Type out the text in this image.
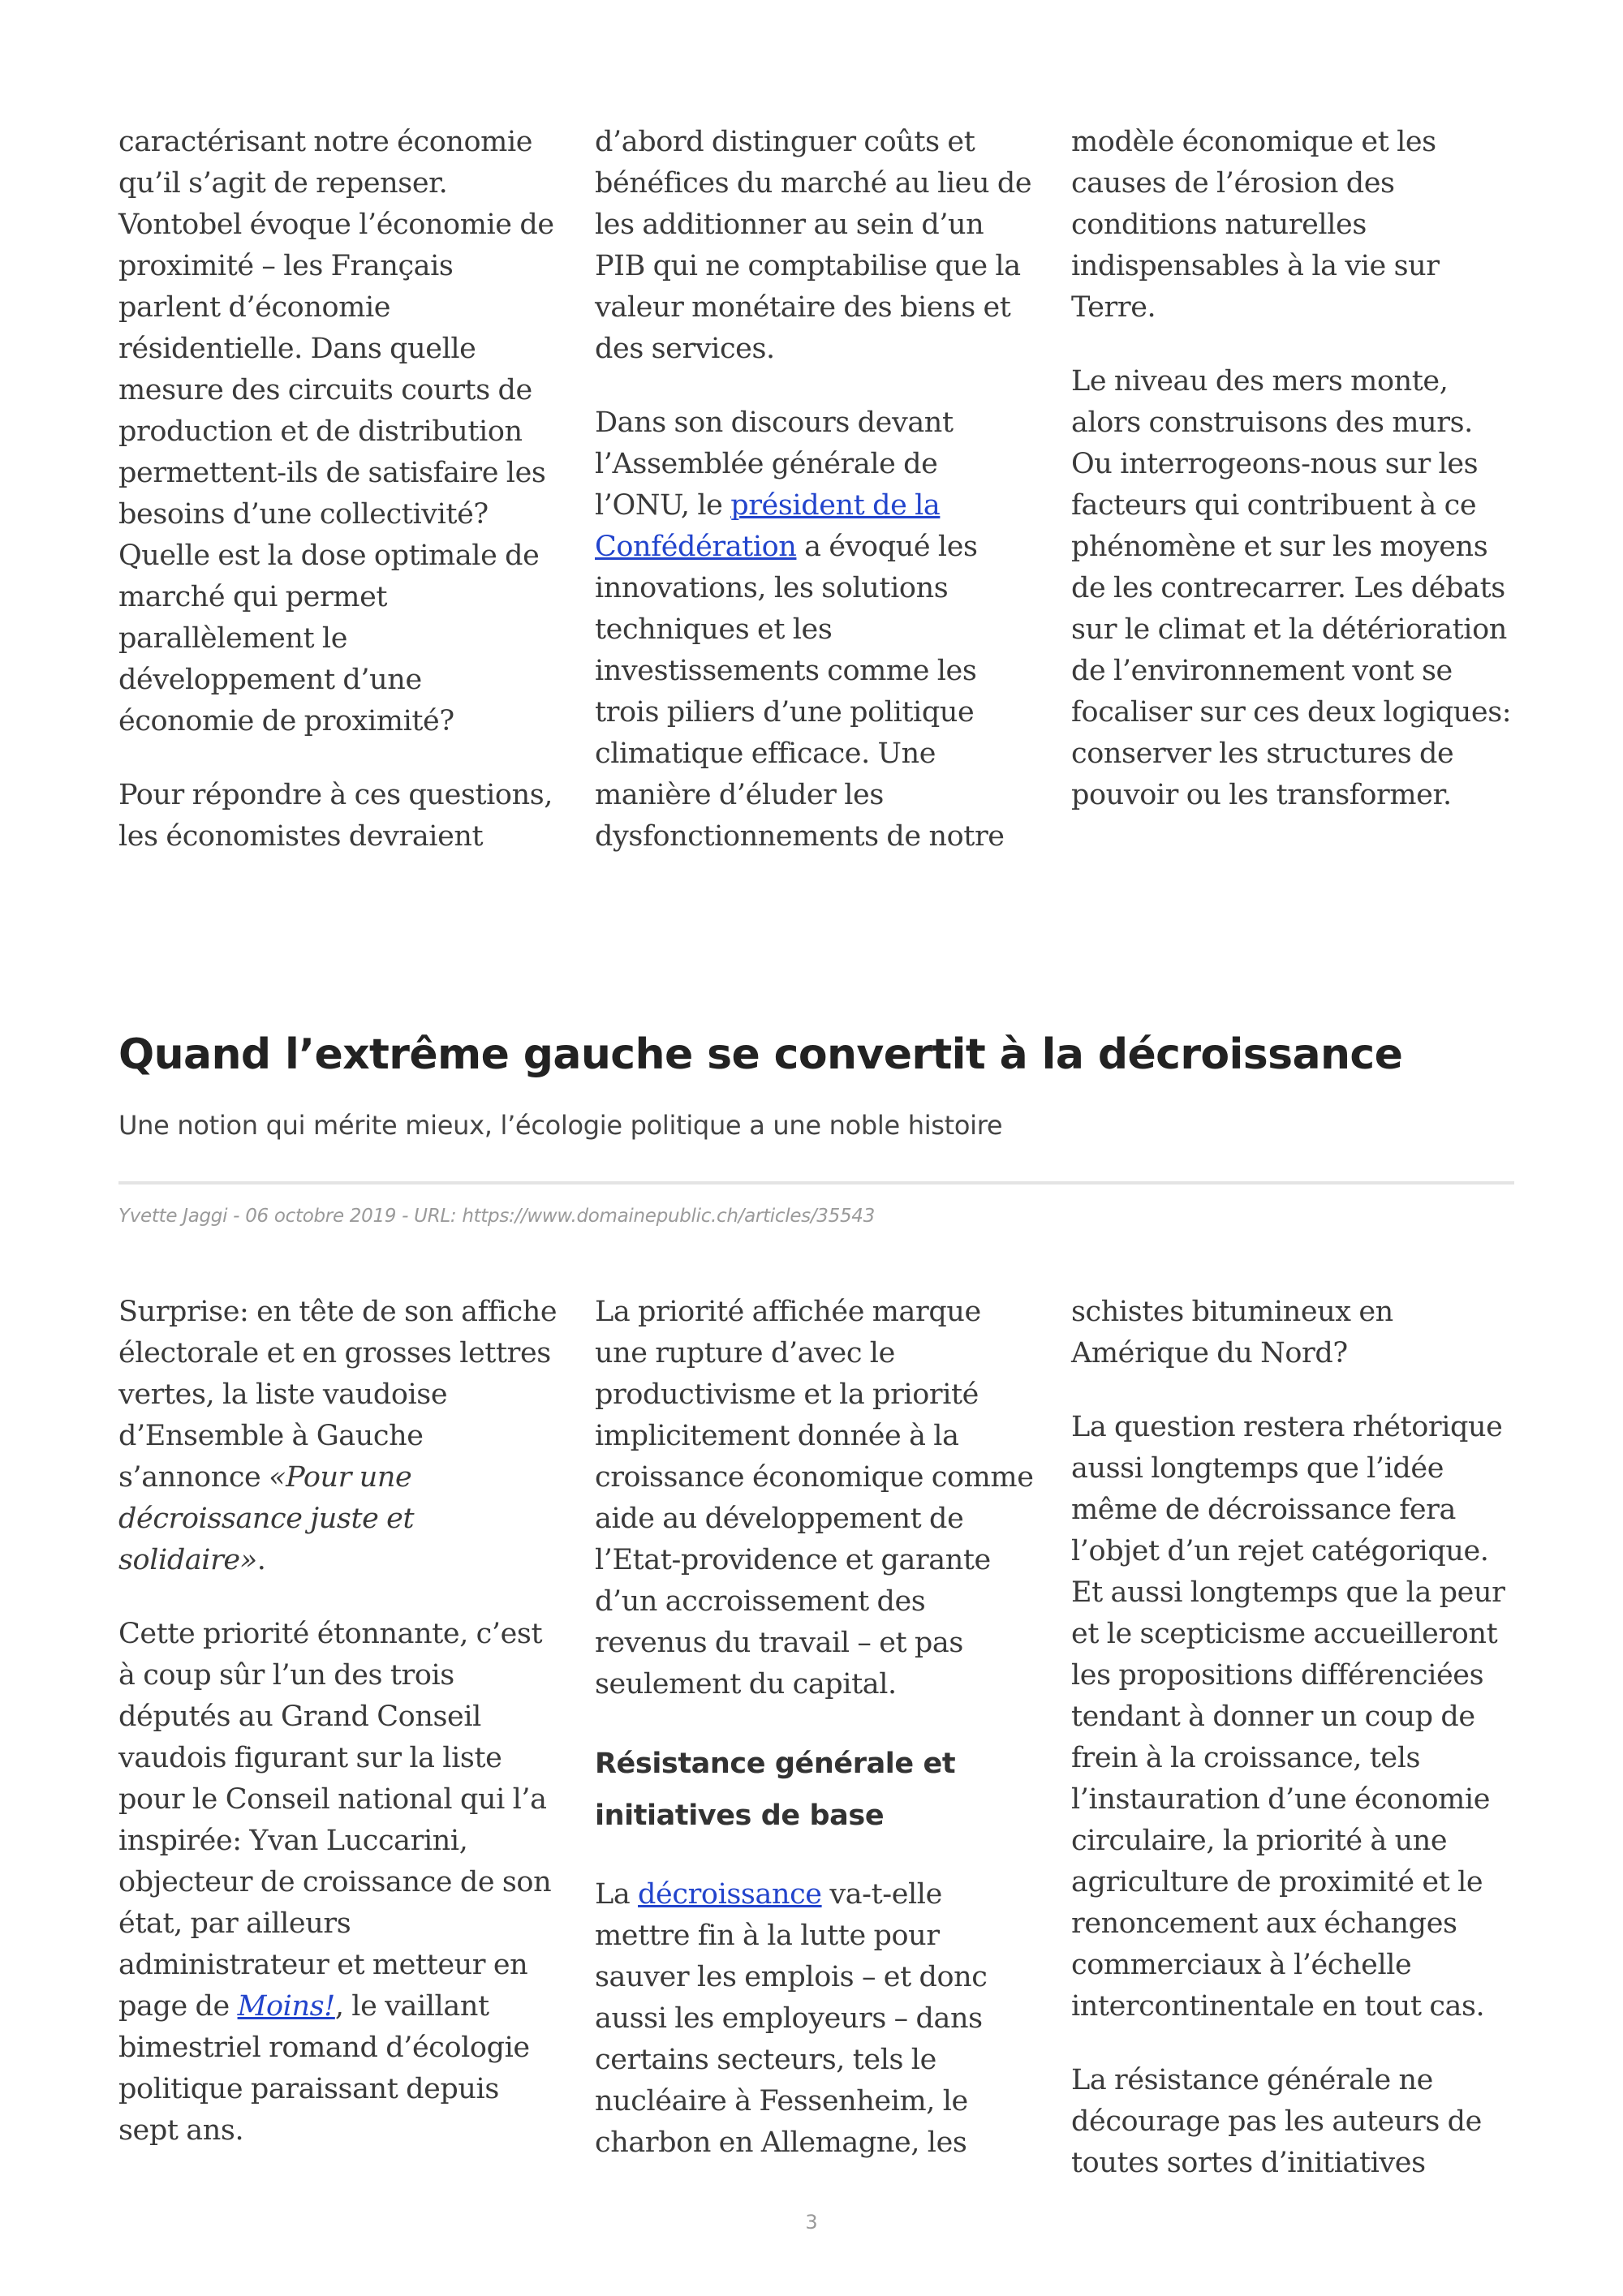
caractérisant notre économie qu’il s’agit de repenser. Vontobel évoque l’économie de proximité – les Français parlent d’économie résidentielle. Dans quelle mesure des circuits courts de production et de distribution permettent-ils de satisfaire les besoins d’une collectivité? Quelle est la dose optimale de marché qui permet parallèlement le développement d’une économie de proximité?

Pour répondre à ces questions, les économistes devraient

d’abord distinguer coûts et bénéfices du marché au lieu de les additionner au sein d’un PIB qui ne comptabilise que la valeur monétaire des biens et des services.

Dans son discours devant l’Assemblée générale de l’ONU, le président de la Confédération a évoqué les innovations, les solutions techniques et les investissements comme les trois piliers d’une politique climatique efficace. Une manière d’éluder les dysfonctionnements de notre

modèle économique et les causes de l’érosion des conditions naturelles indispensables à la vie sur Terre.

Le niveau des mers monte, alors construisons des murs. Ou interrogeons-nous sur les facteurs qui contribuent à ce phénomène et sur les moyens de les contrecarrer. Les débats sur le climat et la détérioration de l’environnement vont se focaliser sur ces deux logiques: conserver les structures de pouvoir ou les transformer.

Quand l’extrême gauche se convertit à la décroissance

Une notion qui mérite mieux, l’écologie politique a une noble histoire

Yvette Jaggi - 06 octobre 2019 - URL: https://www.domainepublic.ch/articles/35543

Surprise: en tête de son affiche électorale et en grosses lettres vertes, la liste vaudoise d’Ensemble à Gauche s’annonce «Pour une décroissance juste et solidaire».

Cette priorité étonnante, c’est à coup sûr l’un des trois députés au Grand Conseil vaudois figurant sur la liste pour le Conseil national qui l’a inspirée: Yvan Luccarini, objecteur de croissance de son état, par ailleurs administrateur et metteur en page de Moins!, le vaillant bimestriel romand d’écologie politique paraissant depuis sept ans.

La priorité affichée marque une rupture d’avec le productivisme et la priorité implicitement donnée à la croissance économique comme aide au développement de l’Etat-providence et garante d’un accroissement des revenus du travail – et pas seulement du capital.

Résistance générale et initiatives de base

La décroissance va-t-elle mettre fin à la lutte pour sauver les emplois – et donc aussi les employeurs – dans certains secteurs, tels le nucléaire à Fessenheim, le charbon en Allemagne, les

schistes bitumineux en Amérique du Nord?

La question restera rhétorique aussi longtemps que l’idée même de décroissance fera l’objet d’un rejet catégorique. Et aussi longtemps que la peur et le scepticisme accueilleront les propositions différenciées tendant à donner un coup de frein à la croissance, tels l’instauration d’une économie circulaire, la priorité à une agriculture de proximité et le renoncement aux échanges commerciaux à l’échelle intercontinentale en tout cas.

La résistance générale ne décourage pas les auteurs de toutes sortes d’initiatives

3
